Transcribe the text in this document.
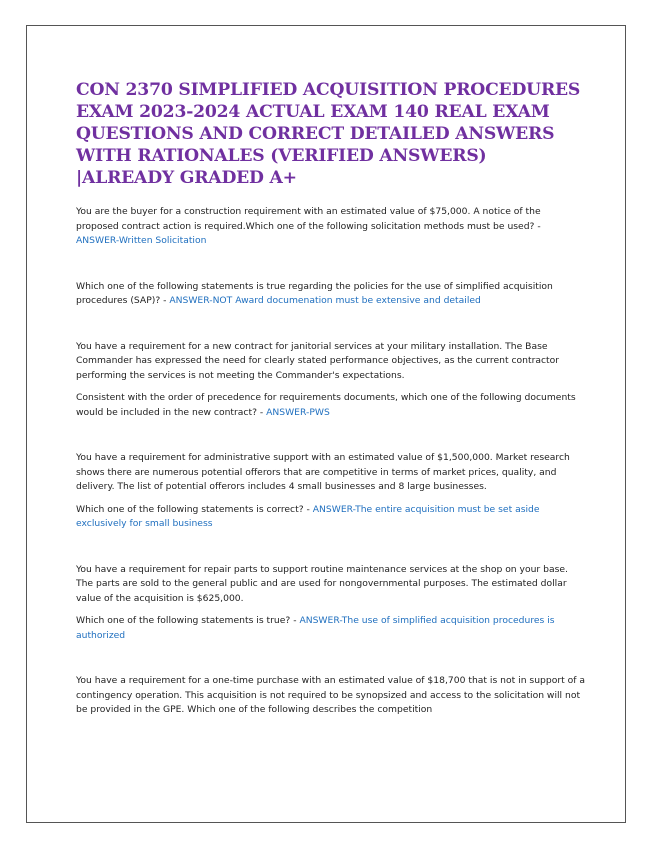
CON 2370 SIMPLIFIED ACQUISITION PROCEDURES EXAM 2023-2024 ACTUAL EXAM 140 REAL EXAM QUESTIONS AND CORRECT DETAILED ANSWERS WITH RATIONALES (VERIFIED ANSWERS) |ALREADY GRADED A+

You are the buyer for a construction requirement with an estimated value of $75,000. A notice of the proposed contract action is required.Which one of the following solicitation methods must be used? - ANSWER-Written Solicitation

Which one of the following statements is true regarding the policies for the use of simplified acquisition procedures (SAP)? - ANSWER-NOT Award documenation must be extensive and detailed

You have a requirement for a new contract for janitorial services at your military installation. The Base Commander has expressed the need for clearly stated performance objectives, as the current contractor performing the services is not meeting the Commander's expectations.

Consistent with the order of precedence for requirements documents, which one of the following documents would be included in the new contract? - ANSWER-PWS

You have a requirement for administrative support with an estimated value of $1,500,000. Market research shows there are numerous potential offerors that are competitive in terms of market prices, quality, and delivery. The list of potential offerors includes 4 small businesses and 8 large businesses.

Which one of the following statements is correct? - ANSWER-The entire acquisition must be set aside exclusively for small business

You have a requirement for repair parts to support routine maintenance services at the shop on your base. The parts are sold to the general public and are used for nongovernmental purposes. The estimated dollar value of the acquisition is $625,000.

Which one of the following statements is true? - ANSWER-The use of simplified acquisition procedures is authorized

You have a requirement for a one-time purchase with an estimated value of $18,700 that is not in support of a contingency operation. This acquisition is not required to be synopsized and access to the solicitation will not be provided in the GPE. Which one of the following describes the competition
